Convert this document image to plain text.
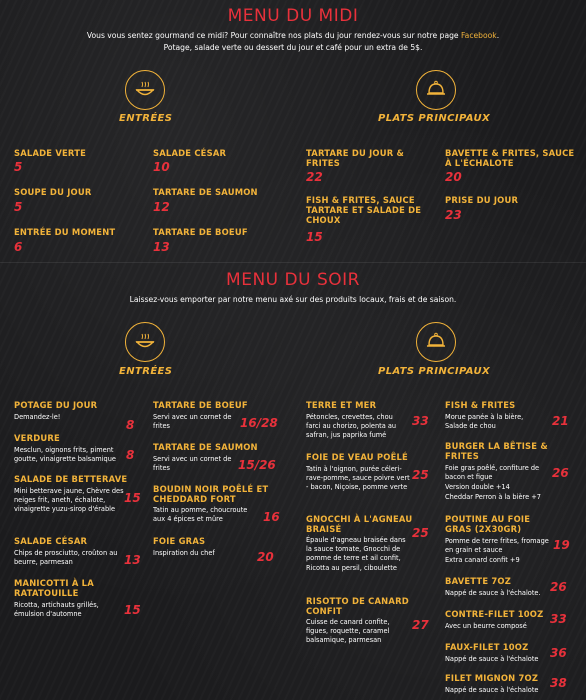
MENU DU MIDI
Vous vous sentez gourmand ce midi? Pour connaître nos plats du jour rendez-vous sur notre page Facebook.
Potage, salade verte ou dessert du jour et café pour un extra de 5$.
ENTRÉES	PLATS PRINCIPAUX
SALADE VERTE
5
SALADE CÉSAR
10
SOUPE DU JOUR
5
TARTARE DE SAUMON
12
ENTRÉE DU MOMENT
6
TARTARE DE BOEUF
13
TARTARE DU JOUR & FRITES
22
BAVETTE & FRITES, SAUCE À L'ÉCHALOTE
20
FISH & FRITES, SAUCE TARTARE ET SALADE DE CHOUX
15
PRISE DU JOUR
23
MENU DU SOIR
Laissez-vous emporter par notre menu axé sur des produits locaux, frais et de saison.
ENTRÉES	PLATS PRINCIPAUX
POTAGE DU JOUR
Demandez-le!
8
VERDURE
Mesclun, oignons frits, piment goutte, vinaigrette balsamique 8
SALADE DE BETTERAVE
Mini betterave jaune, Chèvre des neiges frit, aneth, échalote, vinaigrette yuzu-sirop d'érable
15
SALADE CÉSAR
Chips de prosciutto, croûton au beurre, parmesan	13
MANICOTTI À LA RATATOUILLE
Ricotta, artichauts grillés, émulsion d'automne	15
TARTARE DE BOEUF
Servi avec un cornet de frites	16/28
TARTARE DE SAUMON
Servi avec un cornet de frites	15/26
BOUDIN NOIR POÊLÉ ET CHEDDARD FORT
Tatin au pomme, choucroute aux 4 épices et mûre	16
FOIE GRAS
Inspiration du chef	20
TERRE ET MER
Pétoncles, crevettes, chou farci au chorizo, polenta au safran, jus paprika fumé
33
FOIE DE VEAU POÊLÉ
Tatin à l'oignon, purée céleri-rave-pomme, sauce poivre vert - bacon, Niçoise, pomme verte
25
GNOCCHI À L'AGNEAU BRAISÉ
Épaule d'agneau braisée dans la sauce tomate, Gnocchi de pomme de terre et ail confit, Ricotta au persil, ciboulette
25
RISOTTO DE CANARD CONFIT
Cuisse de canard confite, figues, roquette, caramel balsamique, parmesan
27
FISH & FRITES
Morue panée à la bière, Salade de chou	21
BURGER LA BÊTISE & FRITES
Foie gras poêlé, confiture de bacon et figue
Version double +14
Cheddar Perron à la bière +7
26
POUTINE AU FOIE GRAS (2X30GR)
Pomme de terre frites, fromage en grain et sauce
Extra canard confit +9
19
BAVETTE 7OZ
Nappé de sauce à l'échalote. 26
CONTRE-FILET 10OZ
Avec un beurre composé	33
FAUX-FILET 10OZ
Nappé de sauce à l'échalote 36
FILET MIGNON 7OZ
Nappé de sauce à l'échalote 38
